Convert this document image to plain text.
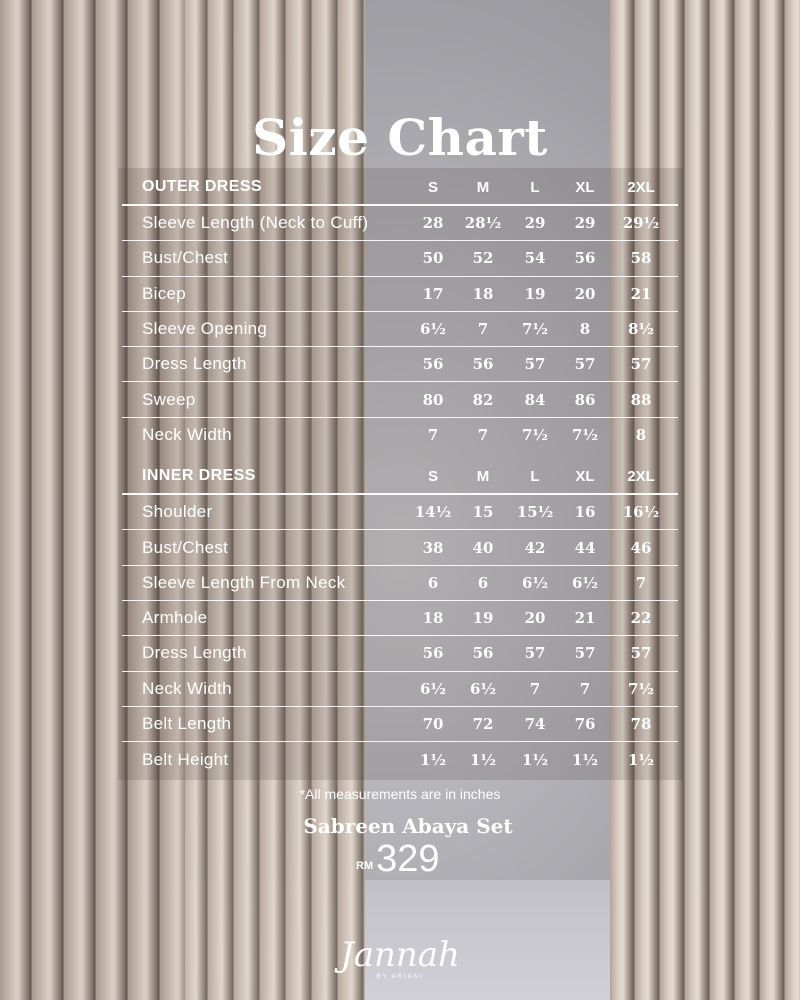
Size Chart
OUTER DRESS	S	M	L	XL	2XL
Sleeve Length (Neck to Cuff)	28	28½	29	29	29½
Bust/Chest	50	52	54	56	58
Bicep	17	18	19	20	21
Sleeve Opening	6½	7	7½	8	8½
Dress Length	56	56	57	57	57
Sweep	80	82	84	86	88
Neck Width	7	7	7½	7½	8
INNER DRESS	S	M	L	XL	2XL
Shoulder	14½	15	15½	16	16½
Bust/Chest	38	40	42	44	46
Sleeve Length From Neck	6	6	6½	6½	7
Armhole	18	19	20	21	22
Dress Length	56	56	57	57	57
Neck Width	6½	6½	7	7	7½
Belt Length	70	72	74	76	78
Belt Height	1½	1½	1½	1½	1½
*All measurements are in inches
Sabreen Abaya Set
RM 329
Jannah
BY ARIANI
